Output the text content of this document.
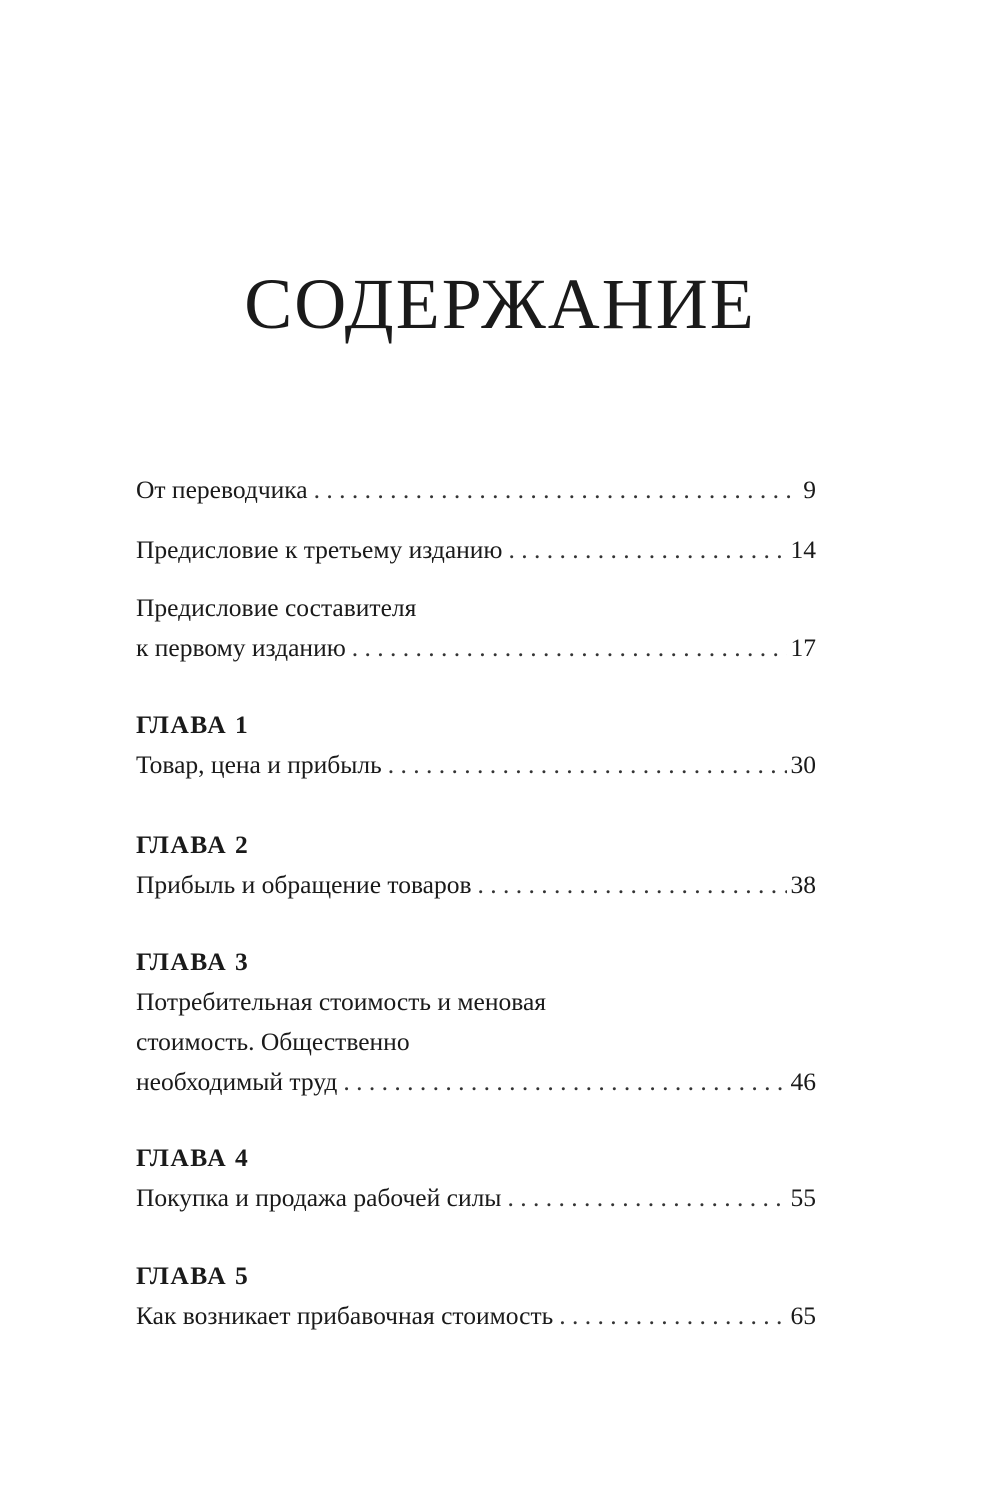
СОДЕРЖАНИЕ
От переводчика . . .	9
Предисловие к третьему изданию . . .	14
Предисловие составителя
к первому изданию . . .	17
ГЛАВА 1
Товар, цена и прибыль . . .	30
ГЛАВА 2
Прибыль и обращение товаров . . .	38
ГЛАВА 3
Потребительная стоимость и меновая
стоимость. Общественно
необходимый труд . . .	46
ГЛАВА 4
Покупка и продажа рабочей силы . . .	55
ГЛАВА 5
Как возникает прибавочная стоимость . . .	65
